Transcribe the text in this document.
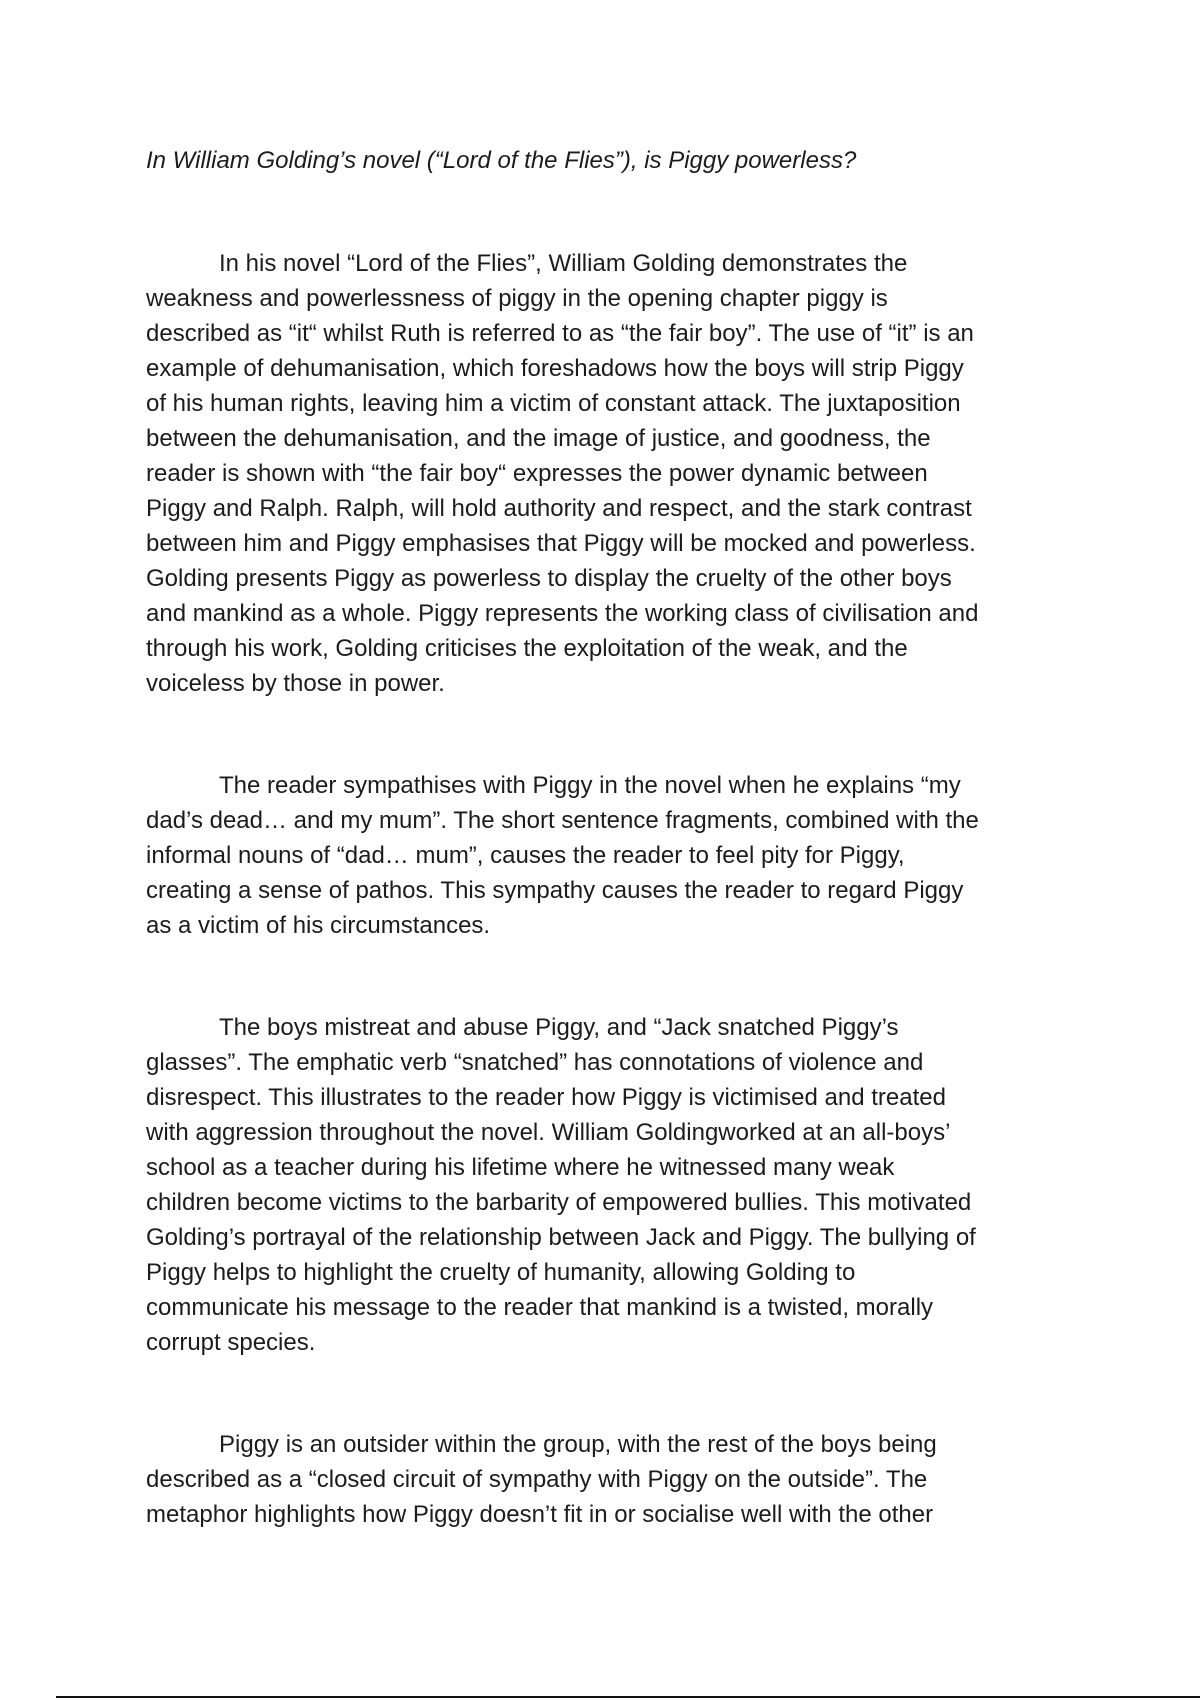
In William Golding’s novel (“Lord of the Flies”), is Piggy powerless?

In his novel “Lord of the Flies”, William Golding demonstrates the
weakness and powerlessness of piggy in the opening chapter piggy is
described as “it“ whilst Ruth is referred to as “the fair boy”. The use of “it” is an
example of dehumanisation, which foreshadows how the boys will strip Piggy
of his human rights, leaving him a victim of constant attack. The juxtaposition
between the dehumanisation, and the image of justice, and goodness, the
reader is shown with “the fair boy“ expresses the power dynamic between
Piggy and Ralph. Ralph, will hold authority and respect, and the stark contrast
between him and Piggy emphasises that Piggy will be mocked and powerless.
Golding presents Piggy as powerless to display the cruelty of the other boys
and mankind as a whole. Piggy represents the working class of civilisation and
through his work, Golding criticises the exploitation of the weak, and the
voiceless by those in power.

The reader sympathises with Piggy in the novel when he explains “my
dad’s dead… and my mum”. The short sentence fragments, combined with the
informal nouns of “dad… mum”, causes the reader to feel pity for Piggy,
creating a sense of pathos. This sympathy causes the reader to regard Piggy
as a victim of his circumstances.

The boys mistreat and abuse Piggy, and “Jack snatched Piggy’s
glasses”. The emphatic verb “snatched” has connotations of violence and
disrespect. This illustrates to the reader how Piggy is victimised and treated
with aggression throughout the novel. William Goldingworked at an all-boys’
school as a teacher during his lifetime where he witnessed many weak
children become victims to the barbarity of empowered bullies. This motivated
Golding’s portrayal of the relationship between Jack and Piggy. The bullying of
Piggy helps to highlight the cruelty of humanity, allowing Golding to
communicate his message to the reader that mankind is a twisted, morally
corrupt species.

Piggy is an outsider within the group, with the rest of the boys being
described as a “closed circuit of sympathy with Piggy on the outside”. The
metaphor highlights how Piggy doesn’t fit in or socialise well with the other
